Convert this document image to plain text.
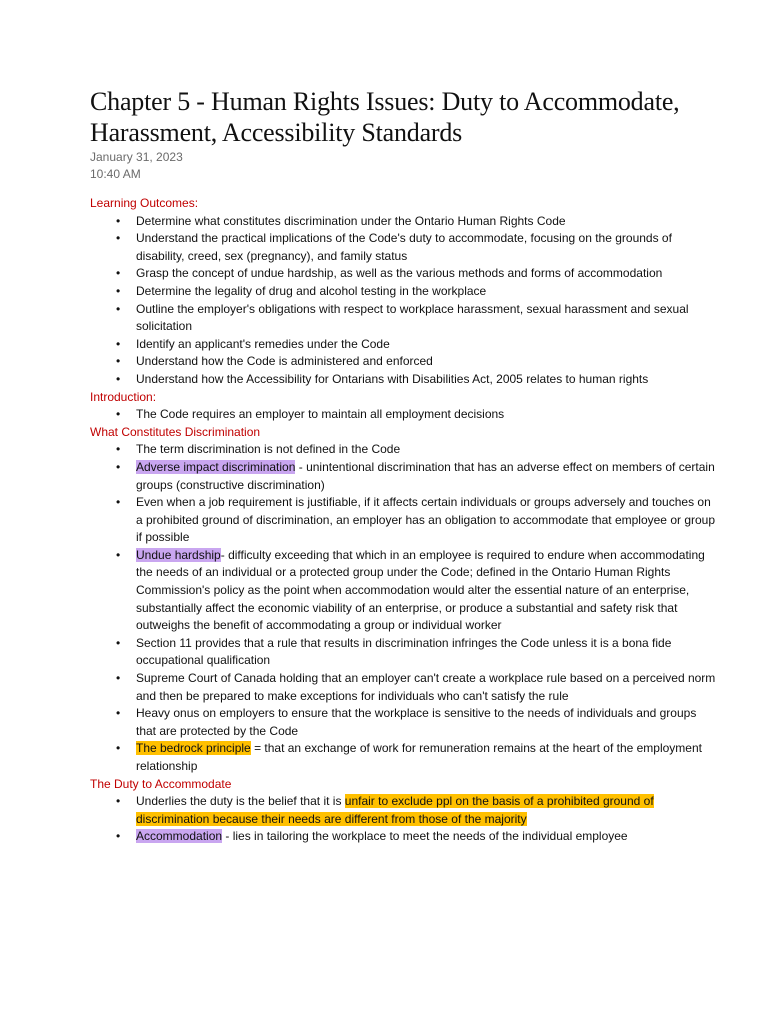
Chapter 5 - Human Rights Issues: Duty to Accommodate, Harassment, Accessibility Standards
January 31, 2023
10:40 AM
Learning Outcomes:
• Determine what constitutes discrimination under the Ontario Human Rights Code
• Understand the practical implications of the Code's duty to accommodate, focusing on the grounds of disability, creed, sex (pregnancy), and family status
• Grasp the concept of undue hardship, as well as the various methods and forms of accommodation
• Determine the legality of drug and alcohol testing in the workplace
• Outline the employer's obligations with respect to workplace harassment, sexual harassment and sexual solicitation
• Identify an applicant's remedies under the Code
• Understand how the Code is administered and enforced
• Understand how the Accessibility for Ontarians with Disabilities Act, 2005 relates to human rights
Introduction:
• The Code requires an employer to maintain all employment decisions
What Constitutes Discrimination
• The term discrimination is not defined in the Code
• Adverse impact discrimination - unintentional discrimination that has an adverse effect on members of certain groups (constructive discrimination)
• Even when a job requirement is justifiable, if it affects certain individuals or groups adversely and touches on a prohibited ground of discrimination, an employer has an obligation to accommodate that employee or group if possible
• Undue hardship- difficulty exceeding that which in an employee is required to endure when accommodating the needs of an individual or a protected group under the Code; defined in the Ontario Human Rights Commission's policy as the point when accommodation would alter the essential nature of an enterprise, substantially affect the economic viability of an enterprise, or produce a substantial and safety risk that outweighs the benefit of accommodating a group or individual worker
• Section 11 provides that a rule that results in discrimination infringes the Code unless it is a bona fide occupational qualification
• Supreme Court of Canada holding that an employer can't create a workplace rule based on a perceived norm and then be prepared to make exceptions for individuals who can't satisfy the rule
• Heavy onus on employers to ensure that the workplace is sensitive to the needs of individuals and groups that are protected by the Code
• The bedrock principle = that an exchange of work for remuneration remains at the heart of the employment relationship
The Duty to Accommodate
• Underlies the duty is the belief that it is unfair to exclude ppl on the basis of a prohibited ground of discrimination because their needs are different from those of the majority
• Accommodation - lies in tailoring the workplace to meet the needs of the individual employee
